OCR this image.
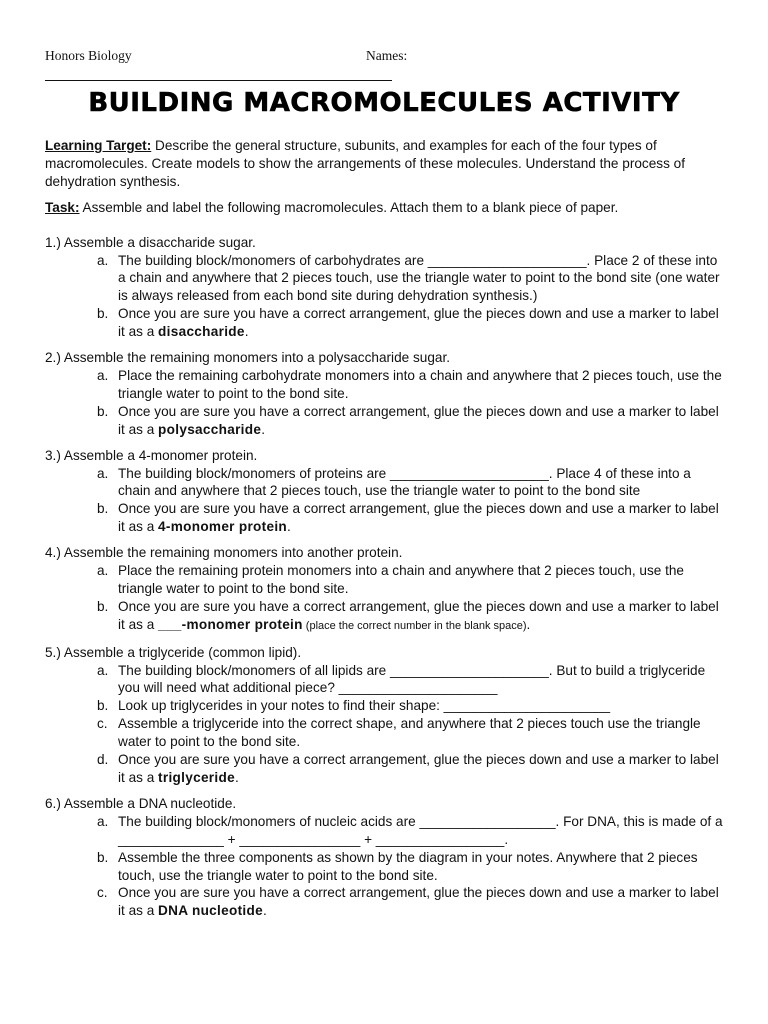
Honors Biology	Names:
BUILDING MACROMOLECULES ACTIVITY

Learning Target: Describe the general structure, subunits, and examples for each of the four types of macromolecules. Create models to show the arrangements of these molecules. Understand the process of dehydration synthesis.

Task: Assemble and label the following macromolecules. Attach them to a blank piece of paper.

1.) Assemble a disaccharide sugar.

a. The building block/monomers of carbohydrates are _____________________. Place 2 of these into a chain and anywhere that 2 pieces touch, use the triangle water to point to the bond site (one water is always released from each bond site during dehydration synthesis.)
b. Once you are sure you have a correct arrangement, glue the pieces down and use a marker to label it as a disaccharide.

2.) Assemble the remaining monomers into a polysaccharide sugar.

a. Place the remaining carbohydrate monomers into a chain and anywhere that 2 pieces touch, use the triangle water to point to the bond site.
b. Once you are sure you have a correct arrangement, glue the pieces down and use a marker to label it as a polysaccharide.

3.) Assemble a 4-monomer protein.

a. The building block/monomers of proteins are _____________________. Place 4 of these into a chain and anywhere that 2 pieces touch, use the triangle water to point to the bond site
b. Once you are sure you have a correct arrangement, glue the pieces down and use a marker to label it as a 4-monomer protein.

4.) Assemble the remaining monomers into another protein.

a. Place the remaining protein monomers into a chain and anywhere that 2 pieces touch, use the triangle water to point to the bond site.
b. Once you are sure you have a correct arrangement, glue the pieces down and use a marker to label it as a ___-monomer protein (place the correct number in the blank space).

5.) Assemble a triglyceride (common lipid).

a. The building block/monomers of all lipids are _____________________. But to build a triglyceride you will need what additional piece? _____________________
b. Look up triglycerides in your notes to find their shape: ______________________
c. Assemble a triglyceride into the correct shape, and anywhere that 2 pieces touch use the triangle water to point to the bond site.
d. Once you are sure you have a correct arrangement, glue the pieces down and use a marker to label it as a triglyceride.

6.) Assemble a DNA nucleotide.

a. The building block/monomers of nucleic acids are __________________. For DNA, this is made of a ______________ + ________________ + _________________.
b. Assemble the three components as shown by the diagram in your notes. Anywhere that 2 pieces touch, use the triangle water to point to the bond site.
c. Once you are sure you have a correct arrangement, glue the pieces down and use a marker to label it as a DNA nucleotide.
